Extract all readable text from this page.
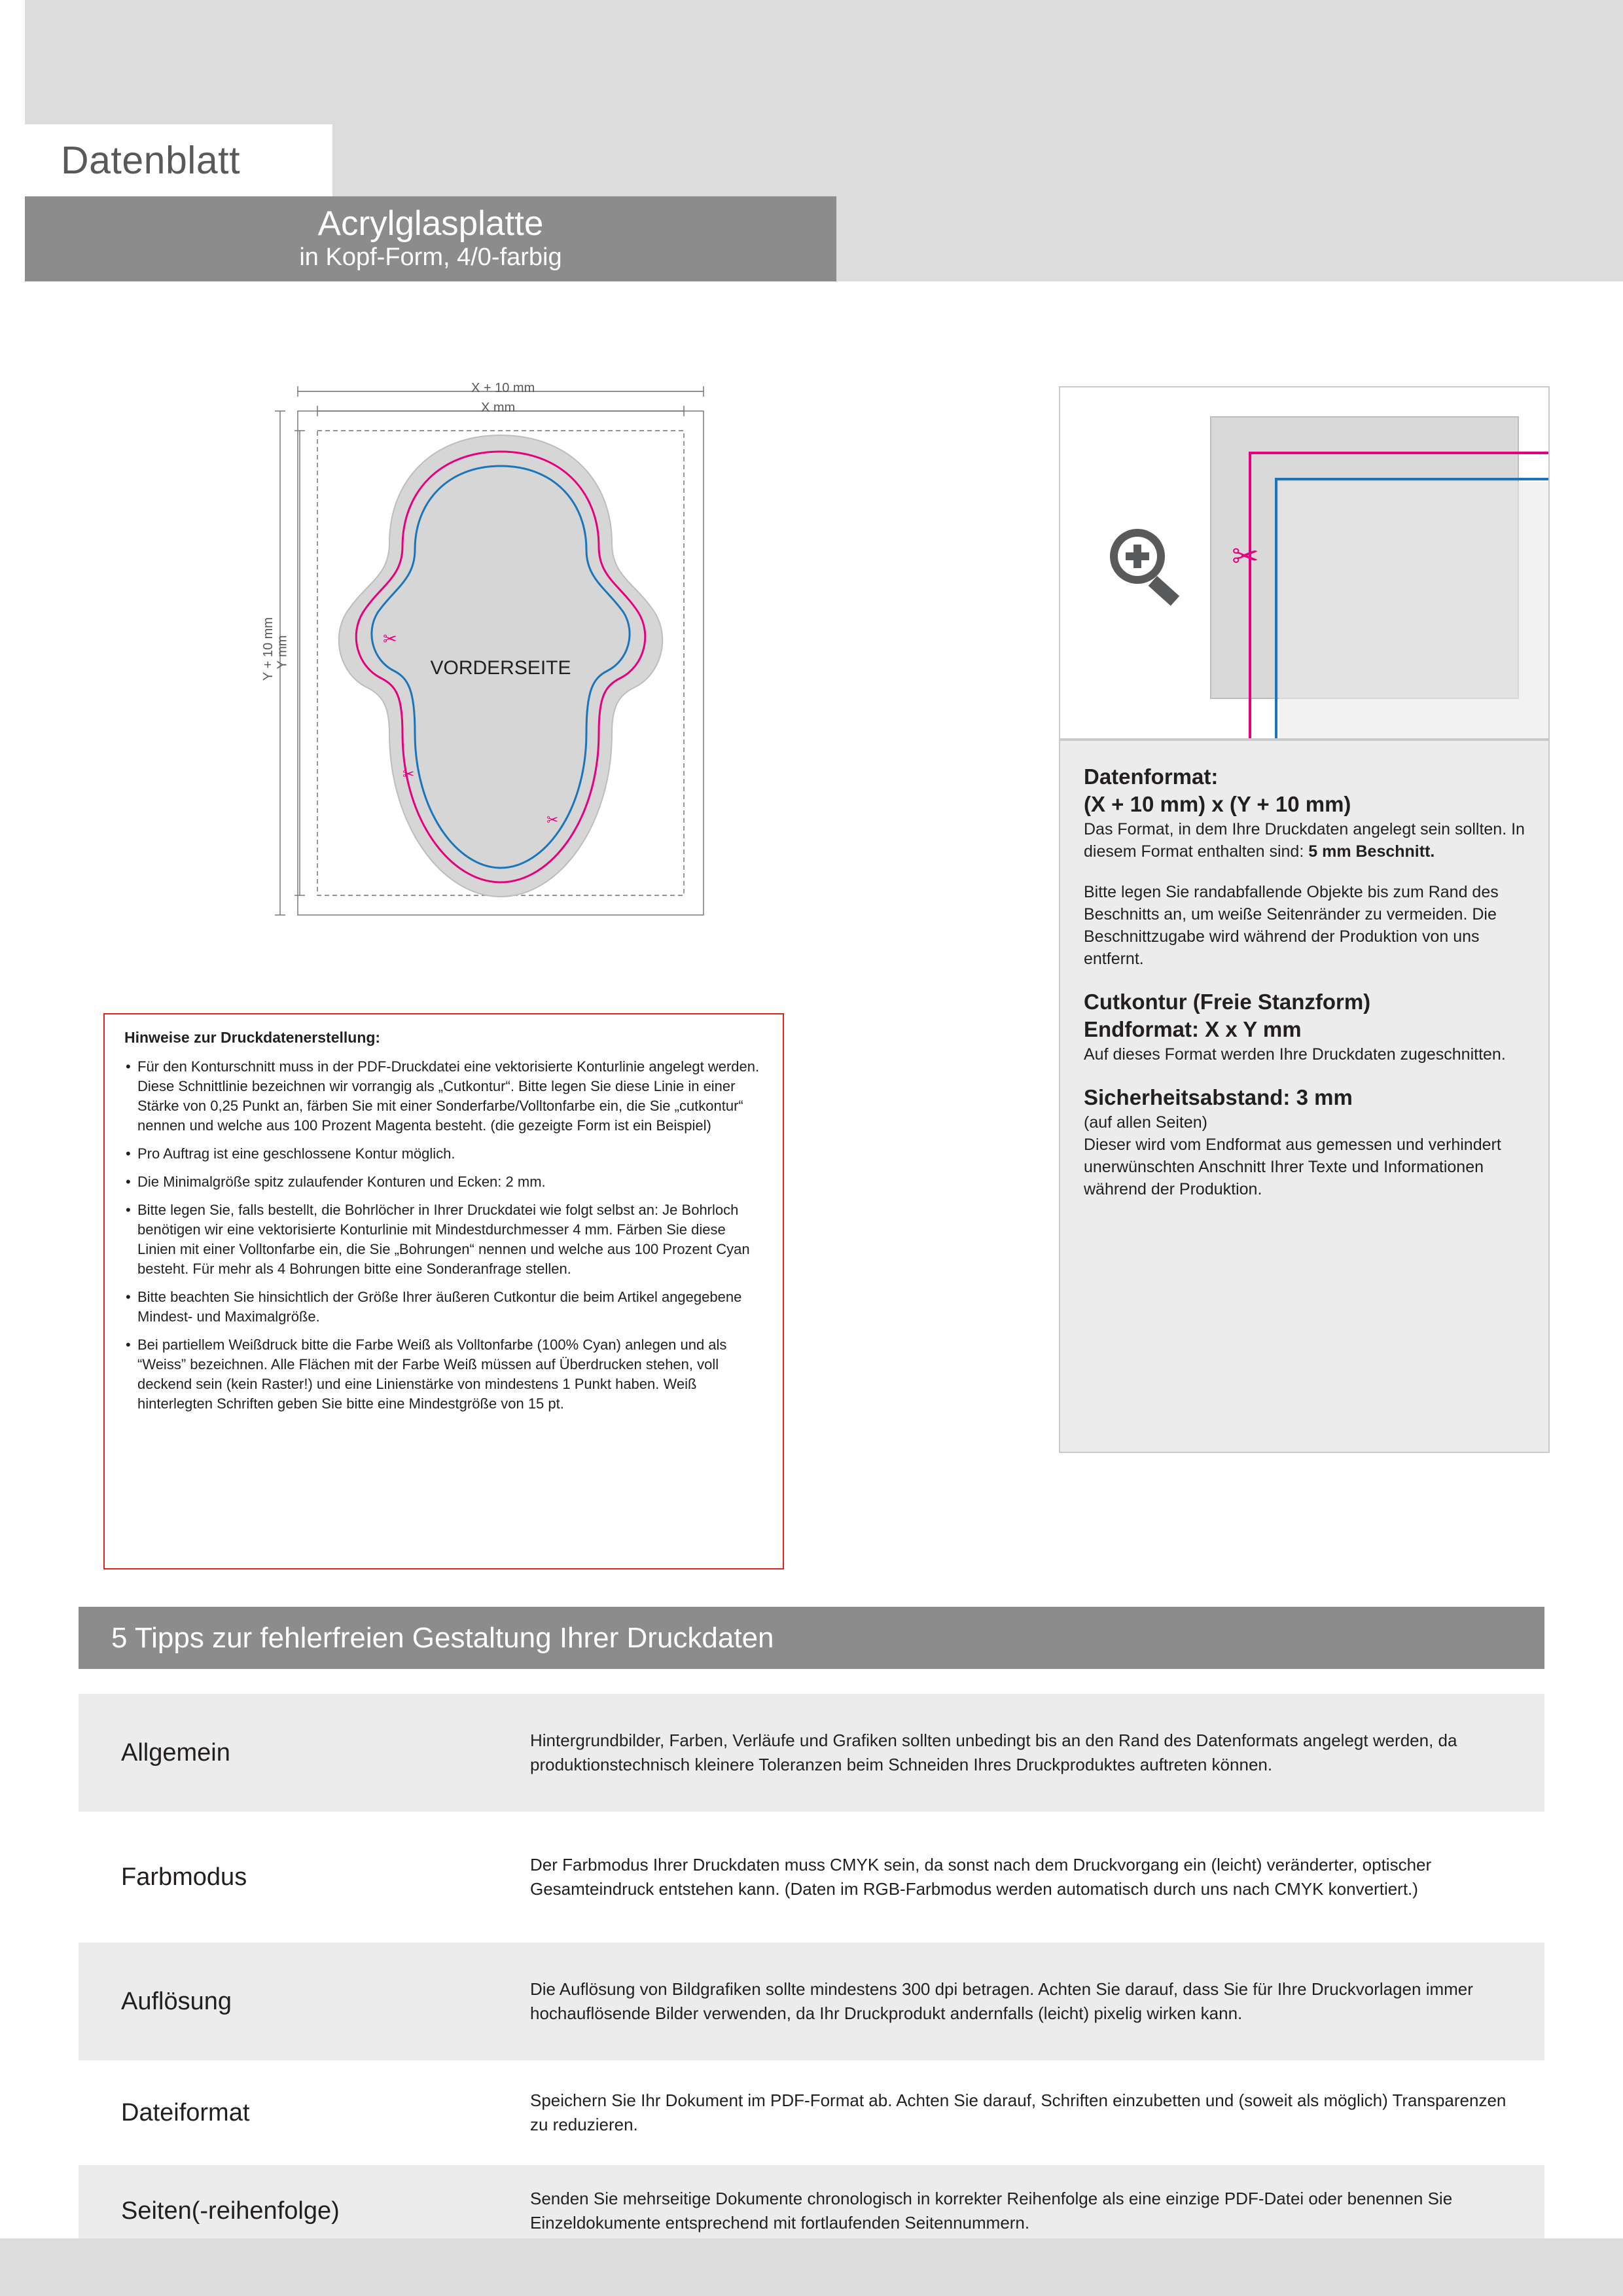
Datenblatt
Acrylglasplatte
in Kopf-Form, 4/0-farbig
✂
✂
✂
VORDERSEITE
X + 10 mm
X mm
Y + 10 mm Y mm
Hinweise zur Druckdatenerstellung:
• Für den Konturschnitt muss in der PDF-Druckdatei eine vektorisierte Konturlinie angelegt werden. Diese Schnittlinie bezeichnen wir vorrangig als „Cutkontur“. Bitte legen Sie diese Linie in einer Stärke von 0,25 Punkt an, färben Sie mit einer Sonderfarbe/Volltonfarbe ein, die Sie „cutkontur“ nennen und welche aus 100 Prozent Magenta besteht. (die gezeigte Form ist ein Beispiel)
• Pro Auftrag ist eine geschlossene Kontur möglich.
• Die Minimalgröße spitz zulaufender Konturen und Ecken: 2 mm.
• Bitte legen Sie, falls bestellt, die Bohrlöcher in Ihrer Druckdatei wie folgt selbst an: Je Bohrloch benötigen wir eine vektorisierte Konturlinie mit Mindestdurchmesser 4 mm. Färben Sie diese Linien mit einer Volltonfarbe ein, die Sie „Bohrungen“ nennen und welche aus 100 Prozent Cyan besteht. Für mehr als 4 Bohrungen bitte eine Sonderanfrage stellen.
• Bitte beachten Sie hinsichtlich der Größe Ihrer äußeren Cutkontur die beim Artikel angegebene Mindest- und Maximalgröße.
• Bei partiellem Weißdruck bitte die Farbe Weiß als Volltonfarbe (100% Cyan) anlegen und als “Weiss” bezeichnen. Alle Flächen mit der Farbe Weiß müssen auf Überdrucken stehen, voll deckend sein (kein Raster!) und eine Linienstärke von mindestens 1 Punkt haben. Weiß hinterlegten Schriften geben Sie bitte eine Mindestgröße von 15 pt.
✂
Datenformat:
(X + 10 mm) x (Y + 10 mm)

Das Format, in dem Ihre Druckdaten angelegt sein sollten. In diesem Format enthalten sind: 5 mm Beschnitt.

Bitte legen Sie randabfallende Objekte bis zum Rand des Beschnitts an, um weiße Seitenränder zu vermeiden. Die Beschnittzugabe wird während der Produktion von uns entfernt.

Cutkontur (Freie Stanzform)
Endformat: X x Y mm

Auf dieses Format werden Ihre Druckdaten zugeschnitten.

Sicherheitsabstand: 3 mm

(auf allen Seiten)

Dieser wird vom Endformat aus gemessen und verhindert unerwünschten Anschnitt Ihrer Texte und Informationen während der Produktion.

5 Tipps zur fehlerfreien Gestaltung Ihrer Druckdaten
Allgemein	Hintergrundbilder, Farben, Verläufe und Grafiken sollten unbedingt bis an den Rand des Datenformats angelegt werden, da produktionstechnisch kleinere Toleranzen beim Schneiden Ihres Druckproduktes auftreten können.
Farbmodus	Der Farbmodus Ihrer Druckdaten muss CMYK sein, da sonst nach dem Druckvorgang ein (leicht) veränderter, optischer Gesamteindruck entstehen kann. (Daten im RGB-Farbmodus werden automatisch durch uns nach CMYK konvertiert.)
Auflösung	Die Auflösung von Bildgrafiken sollte mindestens 300 dpi betragen. Achten Sie darauf, dass Sie für Ihre Druckvorlagen immer hochauflösende Bilder verwenden, da Ihr Druckprodukt andernfalls (leicht) pixelig wirken kann.
Dateiformat	Speichern Sie Ihr Dokument im PDF-Format ab. Achten Sie darauf, Schriften einzubetten und (soweit als möglich) Transparenzen zu reduzieren.
Seiten(-reihenfolge)	Senden Sie mehrseitige Dokumente chronologisch in korrekter Reihenfolge als eine einzige PDF-Datei oder benennen Sie Einzeldokumente entsprechend mit fortlaufenden Seitennummern.
